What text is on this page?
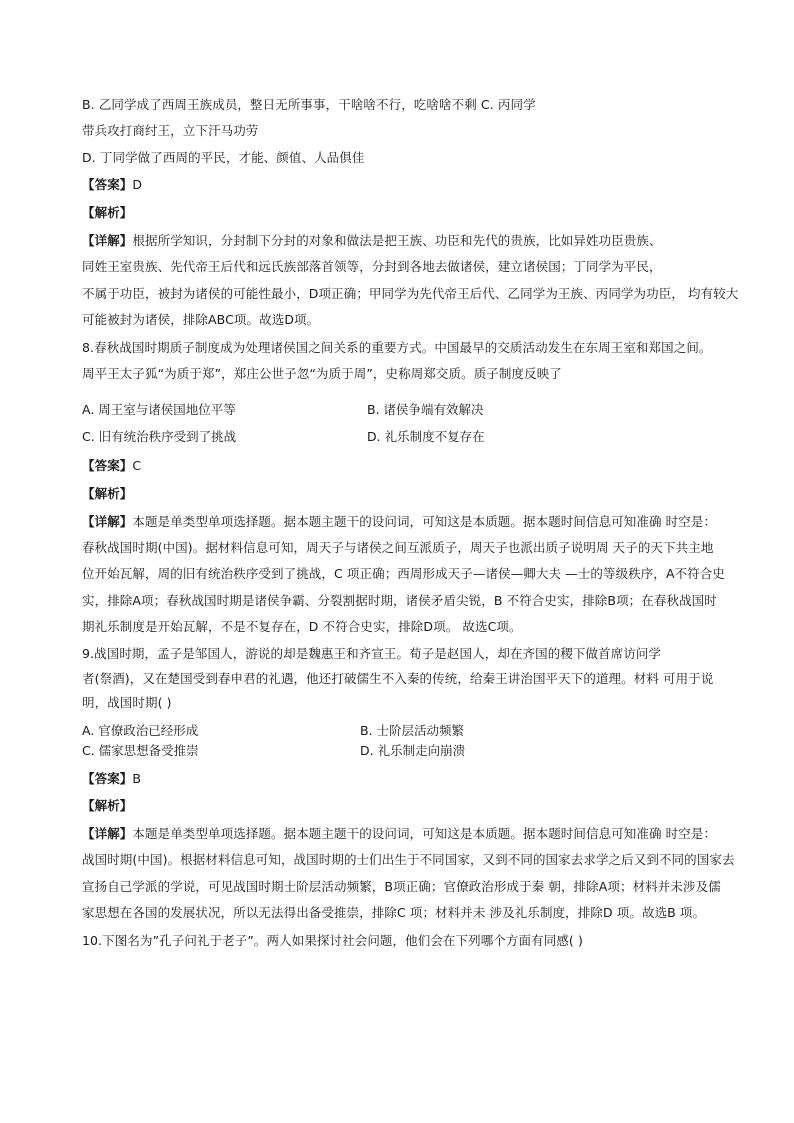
B. 乙同学成了西周王族成员，整日无所事事，干啥啥不行，吃啥啥不剩 C. 丙同学
带兵攻打商纣王，立下汗马功劳
D. 丁同学做了西周的平民，才能、颜值、人品俱佳
【答案】D
【解析】
【详解】根据所学知识，分封制下分封的对象和做法是把王族、功臣和先代的贵族，比如异姓功臣贵族、
同姓王室贵族、先代帝王后代和远氏族部落首领等，分封到各地去做诸侯，建立诸侯国；丁同学为平民，
不属于功臣，被封为诸侯的可能性最小，D项正确；甲同学为先代帝王后代、乙同学为王族、丙同学为功臣， 均有较大
可能被封为诸侯，排除ABC项。故选D项。
8.春秋战国时期质子制度成为处理诸侯国之间关系的重要方式。中国最早的交质活动发生在东周王室和郑国之间。
周平王太子狐“为质于郑”，郑庄公世子忽“为质于周”，史称周郑交质。质子制度反映了
A. 周王室与诸侯国地位平等	B. 诸侯争端有效解决
C. 旧有统治秩序受到了挑战	D. 礼乐制度不复存在
【答案】C
【解析】
【详解】本题是单类型单项选择题。据本题主题干的设问词，可知这是本质题。据本题时间信息可知准确 时空是：
春秋战国时期(中国)。据材料信息可知，周天子与诸侯之间互派质子，周天子也派出质子说明周 天子的天下共主地
位开始瓦解，周的旧有统治秩序受到了挑战，C 项正确；西周形成天子—诸侯—卿大夫 —士的等级秩序，A不符合史
实，排除A项；春秋战国时期是诸侯争霸、分裂割据时期，诸侯矛盾尖锐，B 不符合史实，排除B项；在春秋战国时
期礼乐制度是开始瓦解，不是不复存在，D 不符合史实，排除D项。 故选C项。
9.战国时期，孟子是邹国人，游说的却是魏惠王和齐宣王。荀子是赵国人，却在齐国的稷下做首席访问学
者(祭酒)，又在楚国受到春申君的礼遇，他还打破儒生不入秦的传统，给秦王讲治国平天下的道理。材料 可用于说
明，战国时期( )
A. 官僚政治已经形成	B. 士阶层活动频繁
C. 儒家思想备受推崇	D. 礼乐制走向崩溃
【答案】B
【解析】
【详解】本题是单类型单项选择题。据本题主题干的设问词，可知这是本质题。据本题时间信息可知准确 时空是：
战国时期(中国)。根据材料信息可知，战国时期的士们出生于不同国家，又到不同的国家去求学之后又到不同的国家去
宣扬自己学派的学说，可见战国时期士阶层活动频繁，B项正确；官僚政治形成于秦 朝，排除A项；材料并未涉及儒
家思想在各国的发展状况，所以无法得出备受推崇，排除C 项；材料并未 涉及礼乐制度，排除D 项。故选B 项。
10.下图名为”孔子问礼于老子”。两人如果探讨社会问题，他们会在下列哪个方面有同感( )
